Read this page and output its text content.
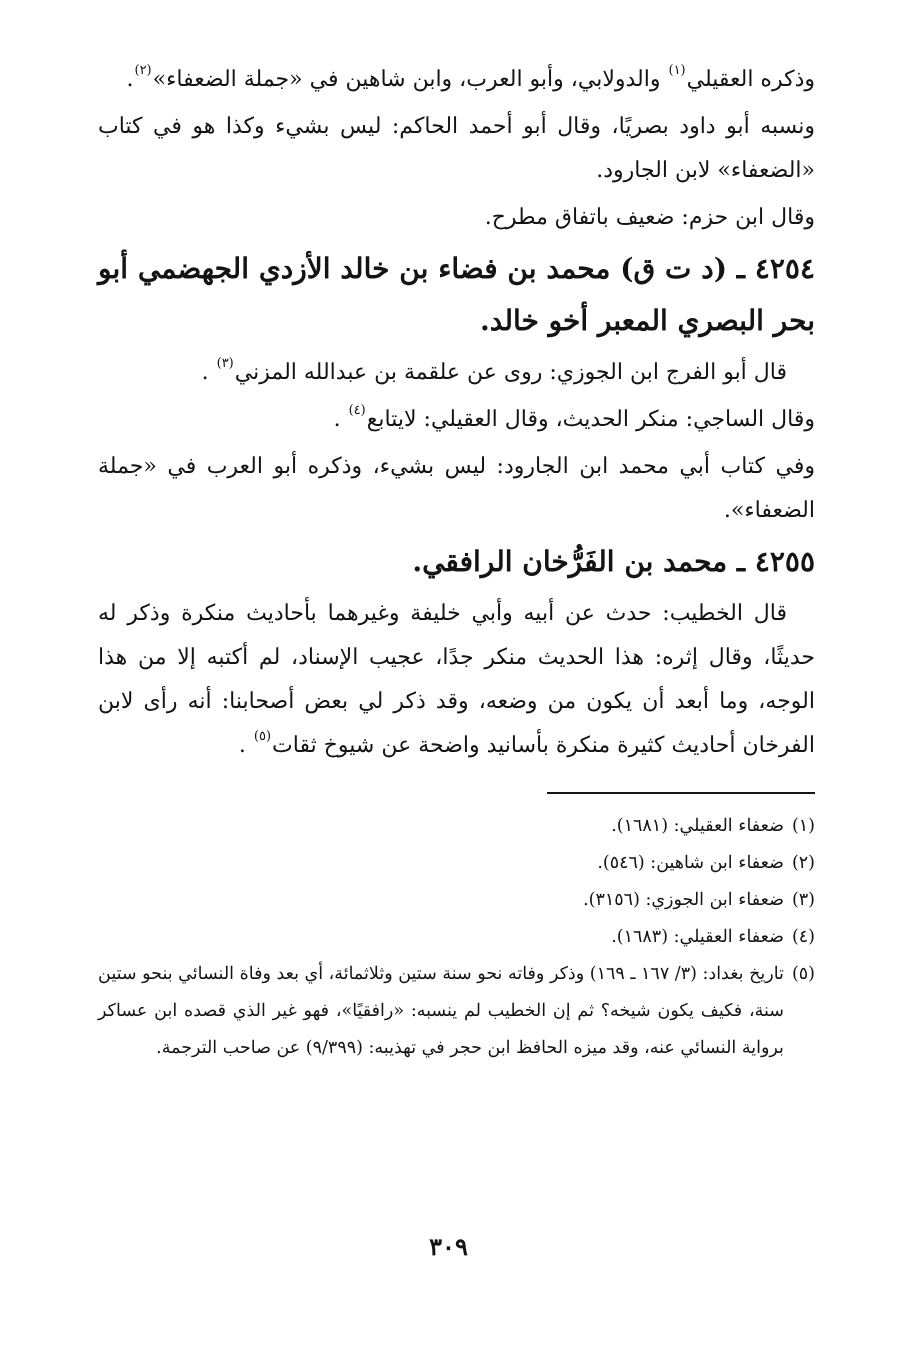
وذكره العقيلي$^{(١)}$ والدولابي، وأبو العرب، وابن شاهين في «جملة الضعفاء»$^{(٢)}$.

ونسبه أبو داود بصريًا، وقال أبو أحمد الحاكم: ليس بشيء وكذا هو في كتاب «الضعفاء» لابن الجارود.

وقال ابن حزم: ضعيف باتفاق مطرح.

٤٢٥٤ ـ (د ت ق) محمد بن فضاء بن خالد الأزدي الجهضمي أبو بحر البصري المعبر أخو خالد.

قال أبو الفرج ابن الجوزي: روى عن علقمة بن عبدالله المزني$^{(٣)}$ .

وقال الساجي: منكر الحديث، وقال العقيلي: لايتابع$^{(٤)}$ .

وفي كتاب أبي محمد ابن الجارود: ليس بشيء، وذكره أبو العرب في «جملة الضعفاء».

٤٢٥٥ ـ محمد بن الفَرُّخان الرافقي.

قال الخطيب: حدث عن أبيه وأبي خليفة وغيرهما بأحاديث منكرة وذكر له حديثًا، وقال إثره: هذا الحديث منكر جدًا، عجيب الإسناد، لم أكتبه إلا من هذا الوجه، وما أبعد أن يكون من وضعه، وقد ذكر لي بعض أصحابنا: أنه رأى لابن الفرخان أحاديث كثيرة منكرة بأسانيد واضحة عن شيوخ ثقات$^{(٥)}$ .

(١)
ضعفاء العقيلي: (١٦٨١).
(٢)
ضعفاء ابن شاهين: (٥٤٦).
(٣)
ضعفاء ابن الجوزي: (٣١٥٦).
(٤)
ضعفاء العقيلي: (١٦٨٣).
(٥)
تاريخ بغداد: (٣/ ١٦٧ ـ ١٦٩) وذكر وفاته نحو سنة ستين وثلاثمائة، أي بعد وفاة النسائي بنحو ستين سنة، فكيف يكون شيخه؟ ثم إن الخطيب لم ينسبه: «رافقيًا»، فهو غير الذي قصده ابن عساكر برواية النسائي عنه، وقد ميزه الحافظ ابن حجر في تهذيبه: (٩/٣٩٩) عن صاحب الترجمة.
٣٠٩
